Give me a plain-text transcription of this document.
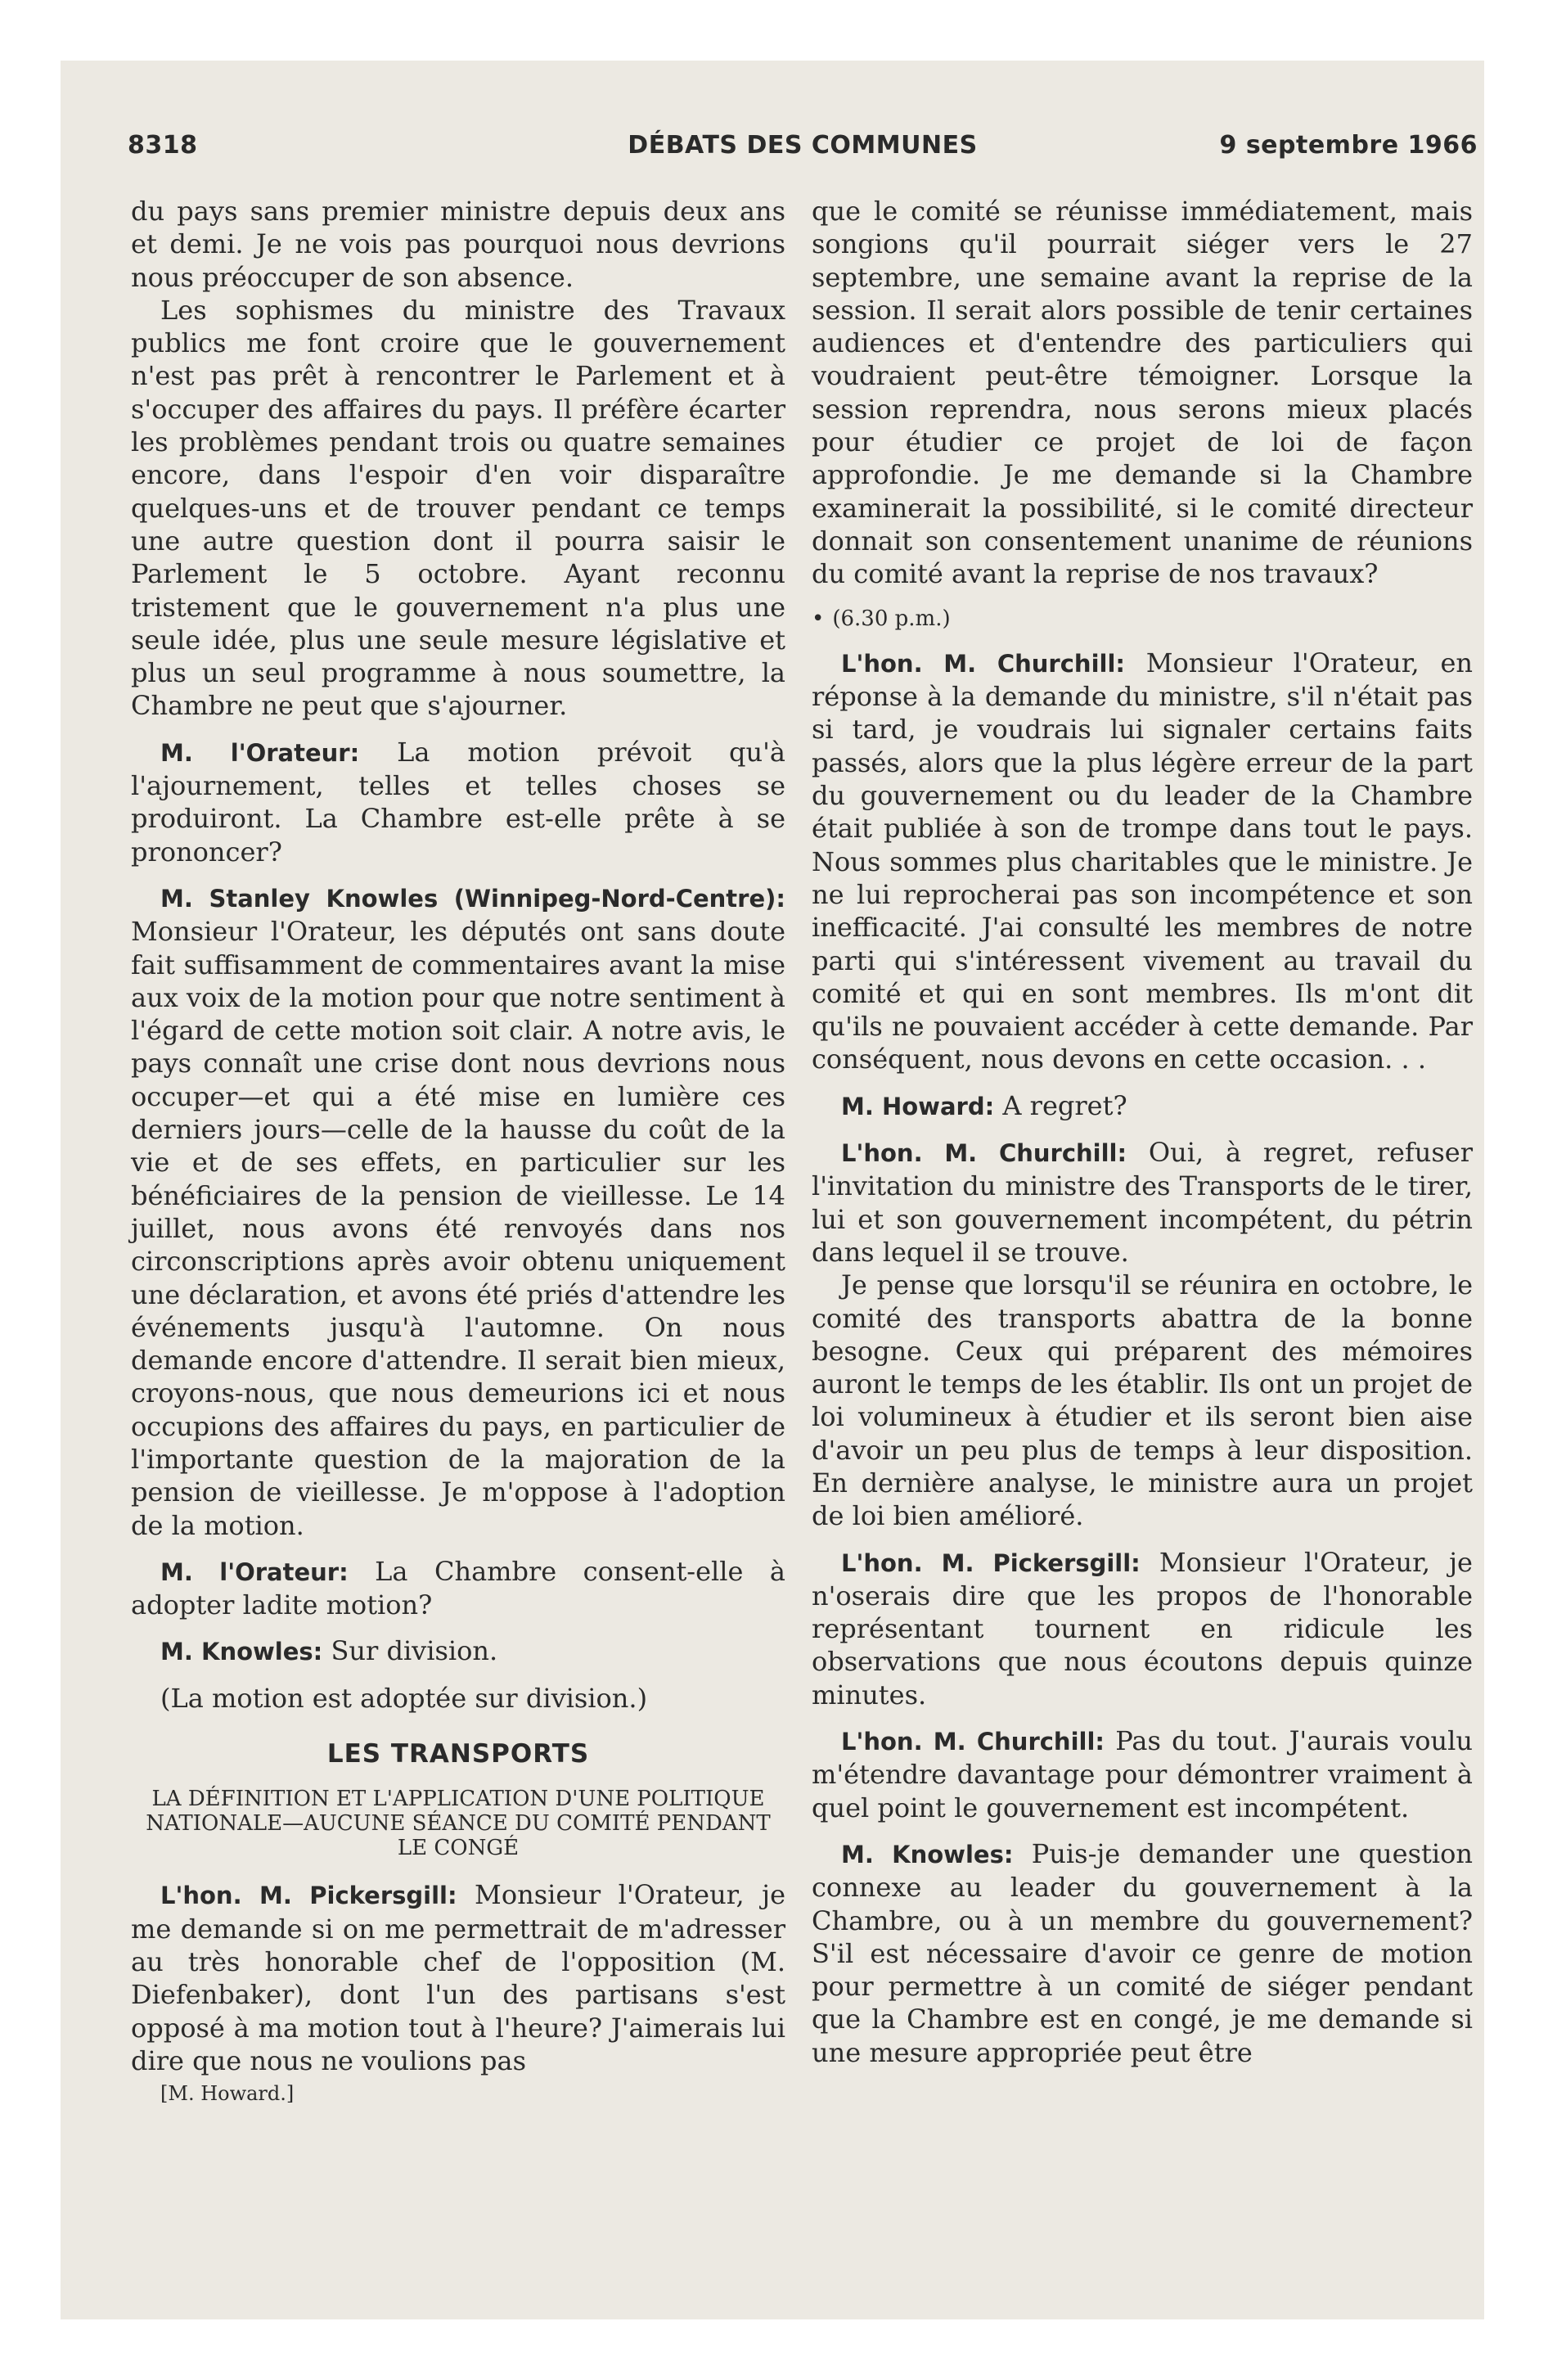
8318	DÉBATS DES COMMUNES	9 septembre 1966

du pays sans premier ministre depuis deux ans et demi. Je ne vois pas pourquoi nous devrions nous préoccuper de son absence.

Les sophismes du ministre des Travaux publics me font croire que le gouvernement n'est pas prêt à rencontrer le Parlement et à s'occuper des affaires du pays. Il préfère écarter les problèmes pendant trois ou quatre semaines encore, dans l'espoir d'en voir disparaître quelques-uns et de trouver pendant ce temps une autre question dont il pourra saisir le Parlement le 5 octobre. Ayant reconnu tristement que le gouvernement n'a plus une seule idée, plus une seule mesure législative et plus un seul programme à nous soumettre, la Chambre ne peut que s'ajourner.

M. l'Orateur: La motion prévoit qu'à l'ajournement, telles et telles choses se produiront. La Chambre est-elle prête à se prononcer?

M. Stanley Knowles (Winnipeg-Nord-Centre): Monsieur l'Orateur, les députés ont sans doute fait suffisamment de commentaires avant la mise aux voix de la motion pour que notre sentiment à l'égard de cette motion soit clair. A notre avis, le pays connaît une crise dont nous devrions nous occuper—et qui a été mise en lumière ces derniers jours—celle de la hausse du coût de la vie et de ses effets, en particulier sur les bénéficiaires de la pension de vieillesse. Le 14 juillet, nous avons été renvoyés dans nos circonscriptions après avoir obtenu uniquement une déclaration, et avons été priés d'attendre les événements jusqu'à l'automne. On nous demande encore d'attendre. Il serait bien mieux, croyons-nous, que nous demeurions ici et nous occupions des affaires du pays, en particulier de l'importante question de la majoration de la pension de vieillesse. Je m'oppose à l'adoption de la motion.

M. l'Orateur: La Chambre consent-elle à adopter ladite motion?

M. Knowles: Sur division.

(La motion est adoptée sur division.)

LES TRANSPORTS
LA DÉFINITION ET L'APPLICATION D'UNE POLITIQUE NATIONALE—AUCUNE SÉANCE DU COMITÉ PENDANT LE CONGÉ

L'hon. M. Pickersgill: Monsieur l'Orateur, je me demande si on me permettrait de m'adresser au très honorable chef de l'opposition (M. Diefenbaker), dont l'un des partisans s'est opposé à ma motion tout à l'heure? J'aimerais lui dire que nous ne voulions pas

[M. Howard.]

que le comité se réunisse immédiatement, mais songions qu'il pourrait siéger vers le 27 septembre, une semaine avant la reprise de la session. Il serait alors possible de tenir certaines audiences et d'entendre des particuliers qui voudraient peut-être témoigner. Lorsque la session reprendra, nous serons mieux placés pour étudier ce projet de loi de façon approfondie. Je me demande si la Chambre examinerait la possibilité, si le comité directeur donnait son consentement unanime de réunions du comité avant la reprise de nos travaux?

• (6.30 p.m.)

L'hon. M. Churchill: Monsieur l'Orateur, en réponse à la demande du ministre, s'il n'était pas si tard, je voudrais lui signaler certains faits passés, alors que la plus légère erreur de la part du gouvernement ou du leader de la Chambre était publiée à son de trompe dans tout le pays. Nous sommes plus charitables que le ministre. Je ne lui reprocherai pas son incompétence et son inefficacité. J'ai consulté les membres de notre parti qui s'intéressent vivement au travail du comité et qui en sont membres. Ils m'ont dit qu'ils ne pouvaient accéder à cette demande. Par conséquent, nous devons en cette occasion. . .

M. Howard: A regret?

L'hon. M. Churchill: Oui, à regret, refuser l'invitation du ministre des Transports de le tirer, lui et son gouvernement incompétent, du pétrin dans lequel il se trouve.

Je pense que lorsqu'il se réunira en octobre, le comité des transports abattra de la bonne besogne. Ceux qui préparent des mémoires auront le temps de les établir. Ils ont un projet de loi volumineux à étudier et ils seront bien aise d'avoir un peu plus de temps à leur disposition. En dernière analyse, le ministre aura un projet de loi bien amélioré.

L'hon. M. Pickersgill: Monsieur l'Orateur, je n'oserais dire que les propos de l'honorable représentant tournent en ridicule les observations que nous écoutons depuis quinze minutes.

L'hon. M. Churchill: Pas du tout. J'aurais voulu m'étendre davantage pour démontrer vraiment à quel point le gouvernement est incompétent.

M. Knowles: Puis-je demander une question connexe au leader du gouvernement à la Chambre, ou à un membre du gouvernement? S'il est nécessaire d'avoir ce genre de motion pour permettre à un comité de siéger pendant que la Chambre est en congé, je me demande si une mesure appropriée peut être
